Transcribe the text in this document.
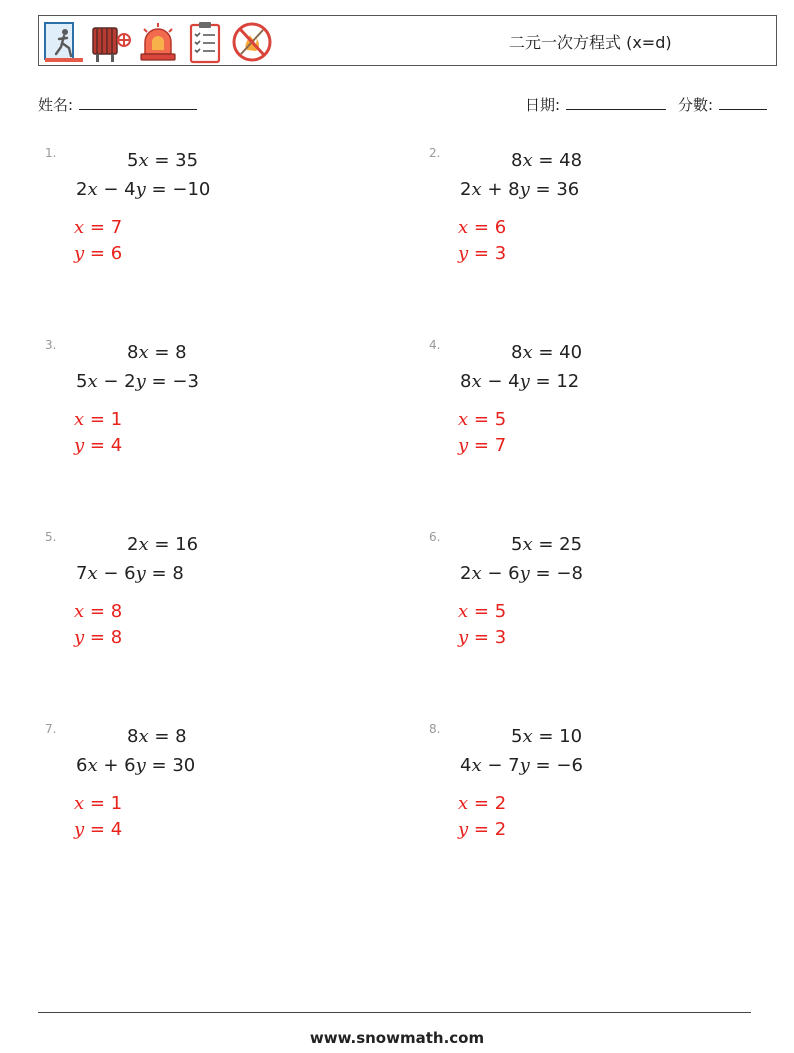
二元一次方程式 (x=d)
姓名:	日期:	分數:
1.	5x = 35
2x − 4y = −10
x = 7
y = 6
2.	8x = 48
2x + 8y = 36
x = 6
y = 3
3.	8x = 8
5x − 2y = −3
x = 1
y = 4
4.	8x = 40
8x − 4y = 12
x = 5
y = 7
5.	2x = 16
7x − 6y = 8
x = 8
y = 8
6.	5x = 25
2x − 6y = −8
x = 5
y = 3
7.	8x = 8
6x + 6y = 30
x = 1
y = 4
8.	5x = 10
4x − 7y = −6
x = 2
y = 2
www.snowmath.com
